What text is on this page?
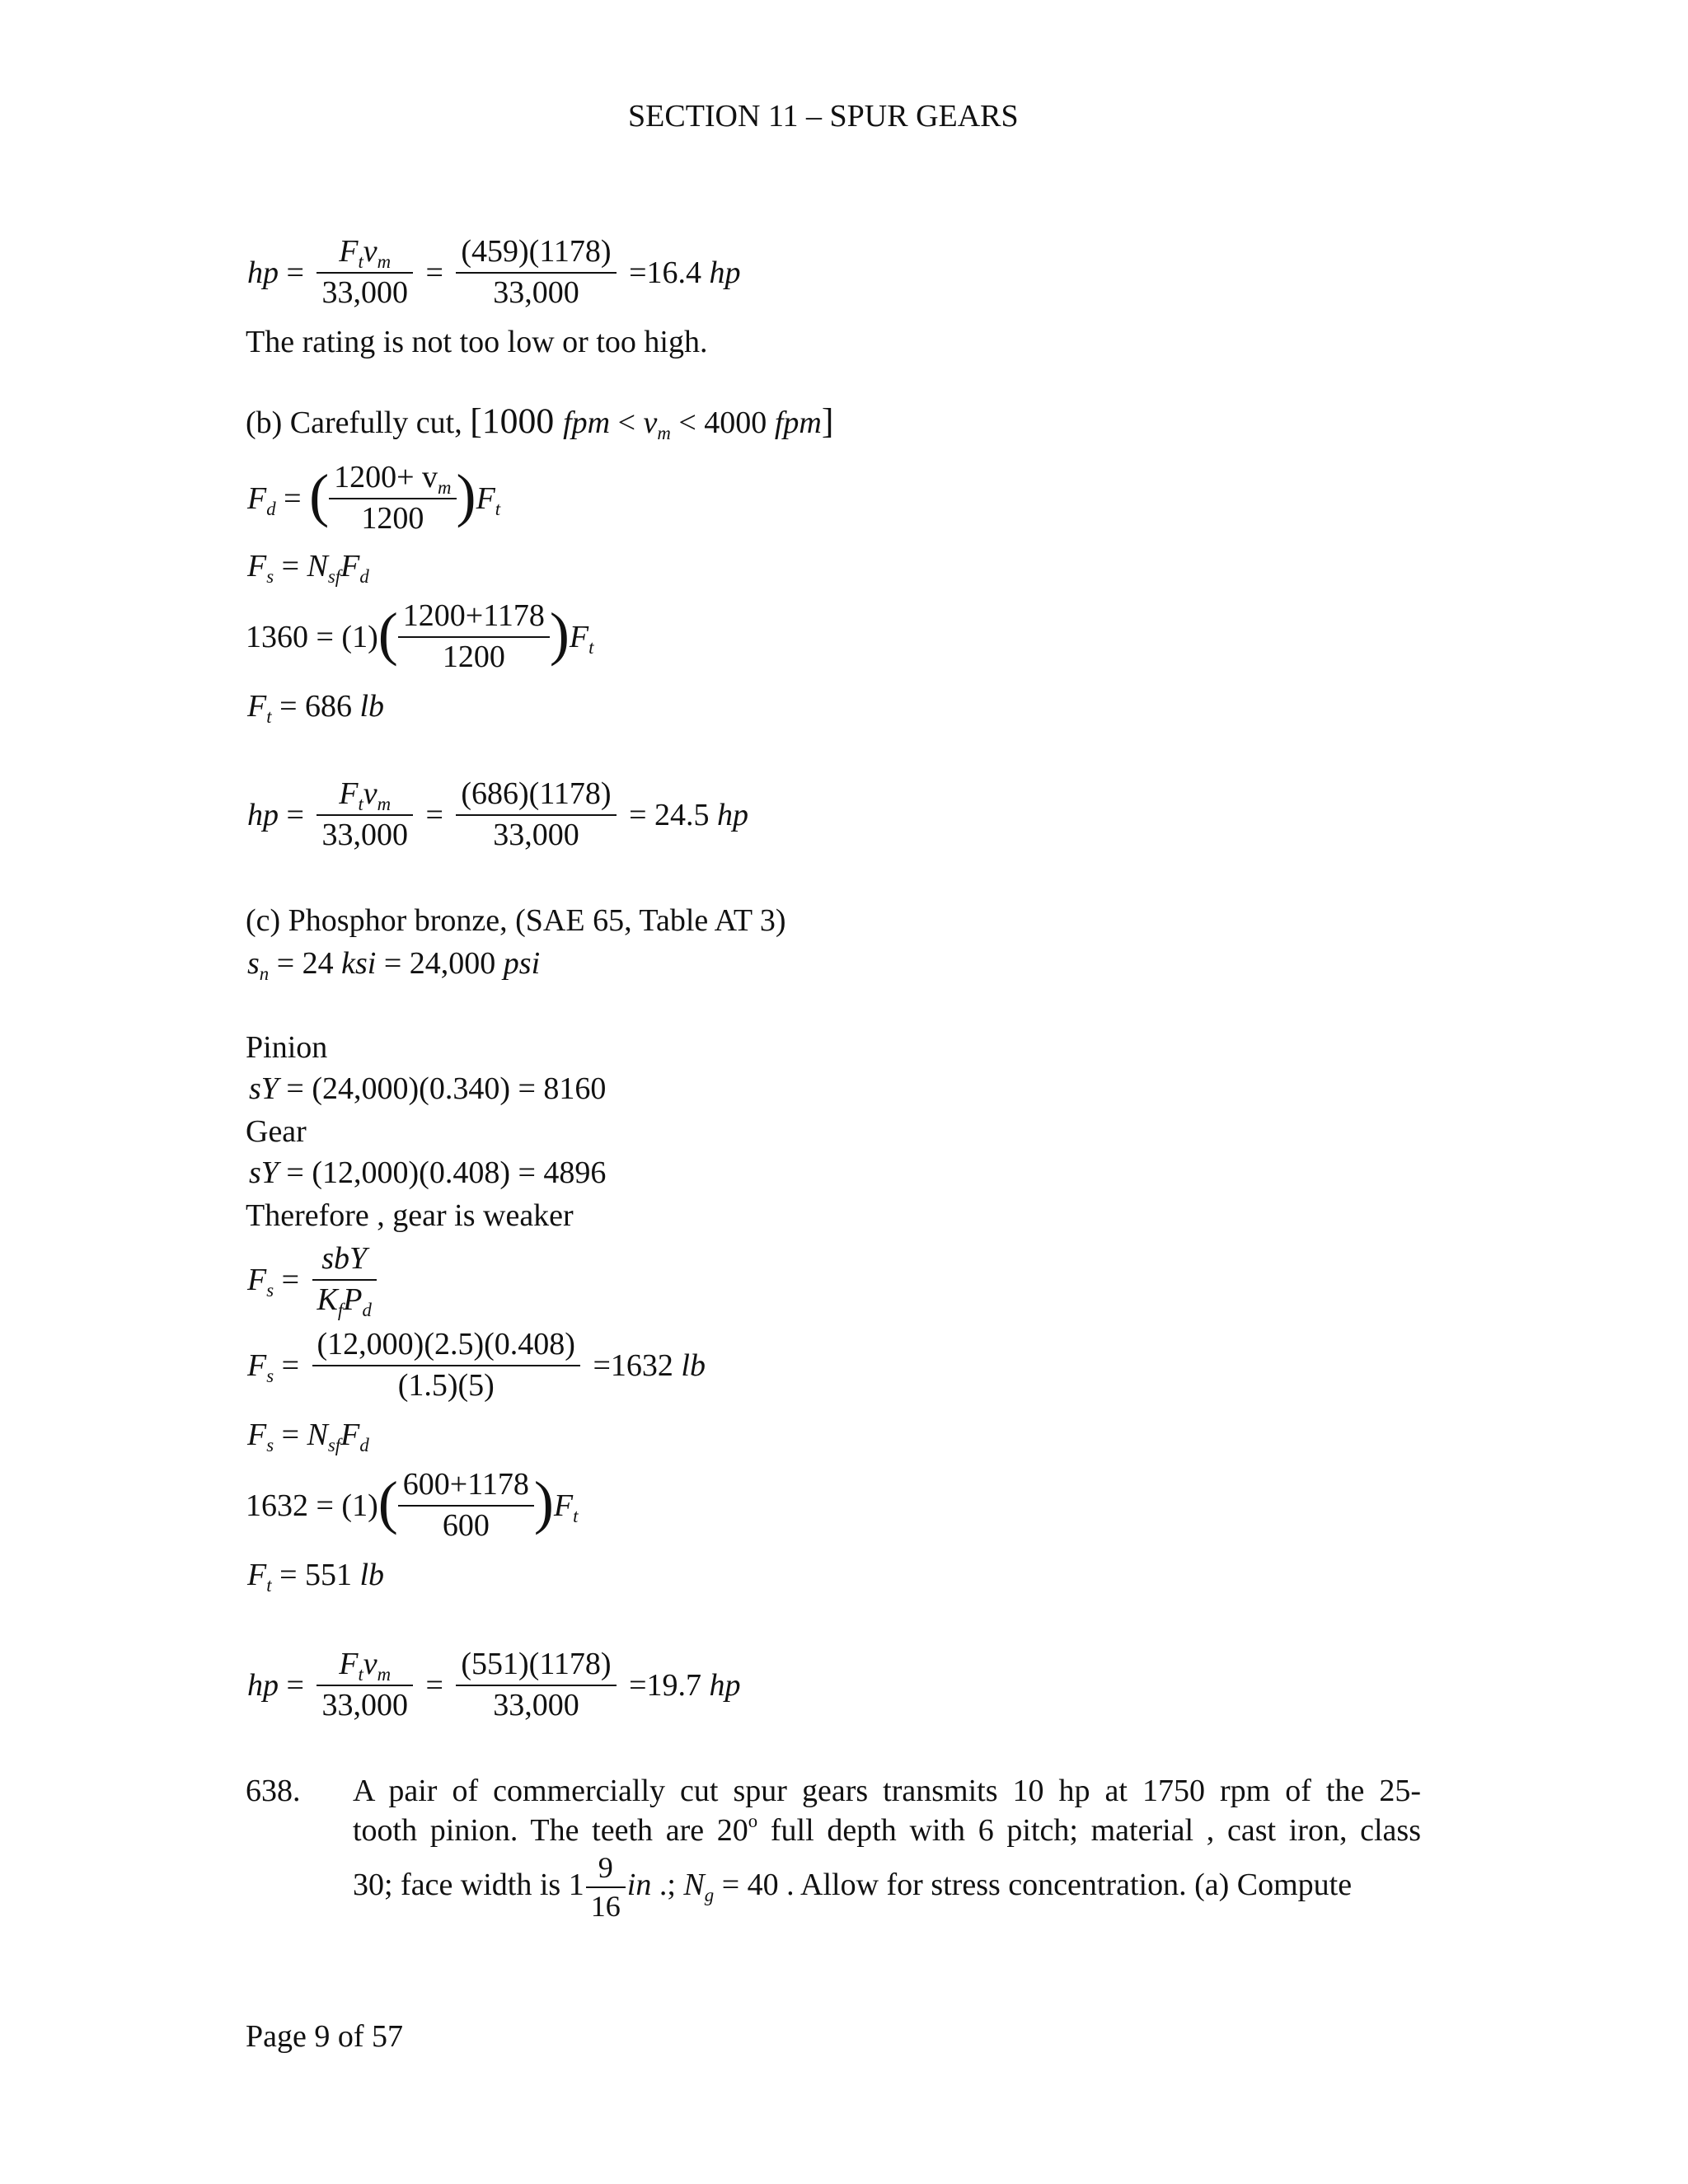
SECTION 11 – SPUR GEARS
hp = $\frac{F_tv_m}{33,000} = \frac{(459)(1178)}{33,000} =16.4$ hp
The rating is not too low or too high.
(b) Carefully cut, [1000 fpm < $v_m < 4000$ fpm]
$F_d$ = ( $\frac{1200+ v_m}{1200} )F_t$
$F_s = N_{sf}F_d$
$1360 = (1)( \frac{1200+1178}{1200} )F_t$
$F_t = 686$ lb
hp = $\frac{F_tv_m}{33,000} = \frac{(686)(1178)}{33,000} = 24.5$ hp
(c) Phosphor bronze, (SAE 65, Table AT 3)
$s_n = 24$ ksi = 24,000 psi
Pinion
sY = (24,000)(0.340) = 8160
Gear
sY = (12,000)(0.408) = 4896
Therefore , gear is weaker
$F_s = \frac{\text{sbY}}{K_fP_d}$
$F_s = \frac{(12,000)(2.5)(0.408)}{(1.5)(5)} =1632$ lb
$F_s = N_{sf}F_d$
$1632 = (1)( \frac{600+1178}{600} )F_t$
$F_t = 551$ lb
hp = $\frac{F_tv_m}{33,000} = \frac{(551)(1178)}{33,000} =19.7$ hp
638. A pair of commercially cut spur gears transmits 10 hp at 1750 rpm of the 25-
tooth pinion. The teeth are 20$^o$ full depth with 6 pitch; material , cast iron, class
30; face width is $1 \frac{9}{16}$ in .; $N_g = 40$ . Allow for stress concentration. (a) Compute
Page 9 of 57
